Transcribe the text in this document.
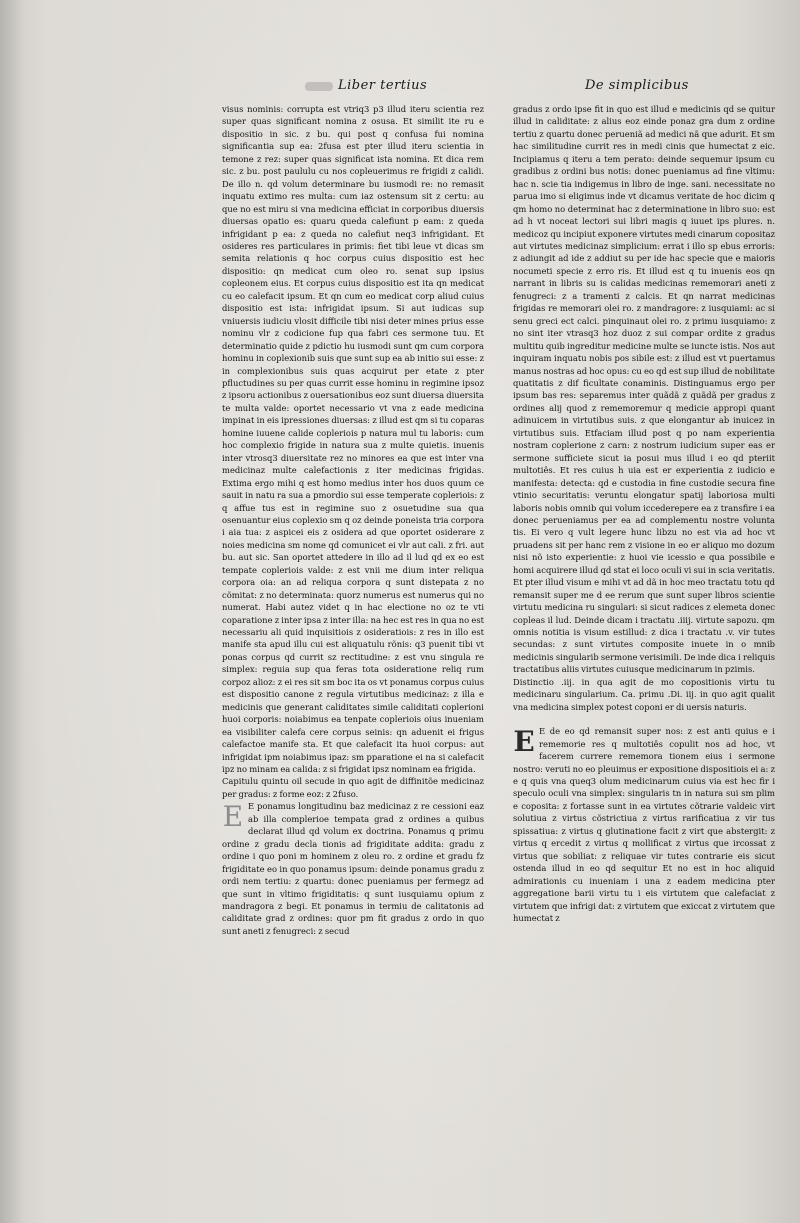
Liber tertius	De simplicibus

visus nominis: corrupta est vtriq3 p3 illud iteru scientia rez super quas significant nomina z osusa. Et similit ite ru e dispositio in sic. z bu. qui post q confusa fui nomina significantia sup ea: 2fusa est pter illud iteru scientia in temone z rez: super quas significat ista nomina. Et dica rem sic. z bu. post paululu cu nos copleuerimus re frigidi z calidi. De illo n. qd volum determinare bu iusmodi re: no remasit inquatu extimo res multa: cum iaz ostensum sit z certu: au que no est miru si vna medicina efficiat in corporibus diuersis diuersas opatio es: quaru queda calefiunt p eam: z queda infrigidant p ea: z queda no calefiut neq3 infrigidant. Et osideres res particulares in primis: fiet tibi leue vt dicas sm semita relationis q hoc corpus cuius dispositio est hec dispositio: qn medicat cum oleo ro. senat sup ipsius copleonem eius. Et corpus cuius dispositio est ita qn medicat cu eo calefacit ipsum. Et qn cum eo medicat corp aliud cuius dispositio est ista: infrigidat ipsum. Si aut iudicas sup vniuersis iudiciu vlosit difficile tibi nisi deter mines prius esse nominu vlr z codicione fup qua fabri ces sermone tuu. Et determinatio quide z pdictio hu iusmodi sunt qm cum corpora hominu in coplexionib suis que sunt sup ea ab initio sui esse: z in complexionibus suis quas acquirut per etate z pter pfluctudines su per quas currit esse hominu in regimine ipsoz z ipsoru actionibus z ouersationibus eoz sunt diuersa diuersita te multa valde: oportet necessario vt vna z eade medicina impinat in eis ipressiones diuersas: z illud est qm si tu coparas homine iuuene calide copleriois p natura mul tu laboris: cum hoc complexio frigide in natura sua z multe quietis. inuenis inter vtrosq3 diuersitate rez no minores ea que est inter vna medicinaz multe calefactionis z iter medicinas frigidas. Extima ergo mihi q est homo medius inter hos duos quum ce sauit in natu ra sua a pmordio sui esse temperate copleriois: z q affue tus est in regimine suo z osuetudine sua qua osenuantur eius coplexio sm q oz deinde poneista tria corpora i aia tua: z aspicei eis z osidera ad que oportet osiderare z noies medicina sm nome qd comunicet ei vlr aut cali. z fri. aut bu. aut sic. San oportet attedere in illo ad il lud qd ex eo est tempate copleriois valde: z est vnii me dium inter reliqua corpora oia: an ad reliqua corpora q sunt distepata z no cõmitat: z no determinata: quorz numerus est numerus qui no numerat. Habi autez videt q in hac electione no oz te vti coparatione z inter ipsa z inter illa: na hec est res in qua no est necessariu ali quid inquisitiois z osideratiois: z res in illo est manife sta apud illu cui est aliquatulu rõnis: q3 puenit tibi vt ponas corpus qd currit sz rectitudine: z est vnu singula re simplex: reguia sup qua feras tota osideratione reliq rum corpoz alioz: z ei res sit sm boc ita os vt ponamus corpus cuius est dispositio canone z regula virtutibus medicinaz: z illa e medicinis que generant caliditates simile caliditati coplerioni huoi corporis: noiabimus ea tenpate copleriois oius inueniam ea visibiliter calefa cere corpus seinis: qn aduenit ei frigus calefactoe manife sta. Et que calefacit ita huoi corpus: aut infrigidat ipm noiabimus ipaz: sm pparatione ei na si calefacit ipz no minam ea calida: z si frigidat ipsz nominam ea frigida.

Capitulu quintu oil secude in quo agit de diffinitõe medicinaz per gradus: z forme eoz: z 2fuso.

E E ponamus longitudinu baz medicinaz z re cessioni eaz ab illa complerioe tempata grad z ordines a quibus declarat illud qd volum ex doctrina. Ponamus q primu ordine z gradu decla tionis ad frigiditate addita: gradu z ordine i quo poni m hominem z oleu ro. z ordine et gradu fz frigiditate eo in quo ponamus ipsum: deinde ponamus gradu z ordi nem tertiu: z quartu: donec pueniamus per fermegz ad que sunt in vltimo frigiditatis: q sunt iusquiamu opium z mandragora z begi. Et ponamus in termiu de calitatonis ad caliditate grad z ordines: quor pm fit gradus z ordo in quo sunt aneti z fenugreci: z secud

gradus z ordo ipse fit in quo est illud e medicinis qd se quitur illud in caliditate: z alius eoz einde ponaz gra dum z ordine tertiu z quartu donec perueniã ad medici nã que adurit. Et sm hac similitudine currit res in medi cinis que humectat z eic. Incipiamus q iteru a tem perato: deinde sequemur ipsum cu gradibus z ordini bus notis: donec pueniamus ad fine vltimu: hac n. scie tia indigemus in libro de inge. sani. necessitate no parua imo si eligimus inde vt dicamus veritate de hoc dicim q qm homo no determinat hac z determinatione in libro suo: est ad h vt noceat lectori sui libri magis q iuuet ips plures. n. medicoz qu incipiut exponere virtutes medi cinarum copositaz aut virtutes medicinaz simplicium: errat i illo sp ebus erroris: z adiungit ad ide z addiut su per ide hac specie que e maioris nocumeti specie z erro ris. Et illud est q tu inuenis eos qn narrant in libris su is calidas medicinas rememorari aneti z fenugreci: z a tramenti z calcis. Et qn narrat medicinas frigidas re memorari olei ro. z mandragore: z iusquiami: ac si senu greci ect calci. pinquinaut olei ro. z primu iusquiamo: z no sint iter vtrasq3 hoz duoz z sui compar ordite z gradus multitu quib ingreditur medicine multe se iuncte istis. Nos aut inquiram inquatu nobis pos sibile est: z illud est vt puertamus manus nostras ad hoc opus: cu eo qd est sup illud de nobilitate quatitatis z dif ficultate conaminis. Distinguamus ergo per ipsum bas res: separemus inter quãdã z quãdã per gradus z ordines alij quod z rememoremur q medicie appropi quant adinuicem in virtutibus suis. z que elongantur ab inuicez in virtutibus suis. Etfaciam illud post q po nam experientia nostram coplerione z carn: z nostrum iudicium super eas er sermone sufficiete sicut ia posui mus illud i eo qd pteriit multotiês. Et res cuius h uia est er experientia z iudicio e manifesta: detecta: qd e custodia in fine custodie secura fine vtinio securitatis: veruntu elongatur spatij laboriosa multi laboris nobis omnib qui volum iccederepere ea z transfire i ea donec perueniamus per ea ad complementu nostre volunta tis. Ei vero q vult legere hunc libzu no est via ad hoc vt pruadens sit per hanc rem z visione in eo er aliquo mo dozum nisi nõ isto experientie: z huoi vie icessio e qua possibile e homi acquirere illud qd stat ei loco oculi vi sui in scia veritatis. Et pter illud visum e mihi vt ad dã in hoc meo tractatu totu qd remansit super me d ee rerum que sunt super libros scientie virtutu medicina ru singulari: si sicut radices z elemeta donec copleas il lud. Deinde dicam i tractatu .iiij. virtute sapozu. qm omnis notitia is visum estillud: z dica i tractatu .v. vir tutes secundas: z sunt virtutes composite inuete in o mnib medicinis singularib sermone verisimili. De inde dica i reliquis tractatibus aliis virtutes cuiusque medicinarum in pzimis.

Distinctio .iij. in qua agit de mo copositionis virtu tu medicinaru singularium. Ca. primu .Di. iij. in quo agit qualit vna medicina simplex potest coponi er di uersis naturis.

E E de eo qd remansit super nos: z est anti quius e i rememorie res q multotiês copulit nos ad hoc, vt facerem currere rememora tionem eius i sermone nostro: veruti no eo pleuimus er expositione dispositiois ei a: z e q quis vna queq3 olum medicinarum cuius via est hec fir i speculo oculi vna simplex: singularis tn in natura sui sm plim e coposita: z fortasse sunt in ea virtutes cõtrarie valdeic virt solutiua z virtus cõstrictiua z virtus rarificatiua z vir tus spissatiua: z virtus q glutinatione facit z virt que abstergit: z virtus q ercedit z virtus q mollificat z virtus que ircossat z virtus que sobiliat: z reliquae vir tutes contrarie eis sicut ostenda illud in eo qd sequitur Et no est in hoc aliquid admirationis cu inueniam i una z eadem medicina pter aggregatione barii virtu tu i eis virtutem que calefaciat z virtutem que infrigi dat: z virtutem que exiccat z virtutem que humectat z
